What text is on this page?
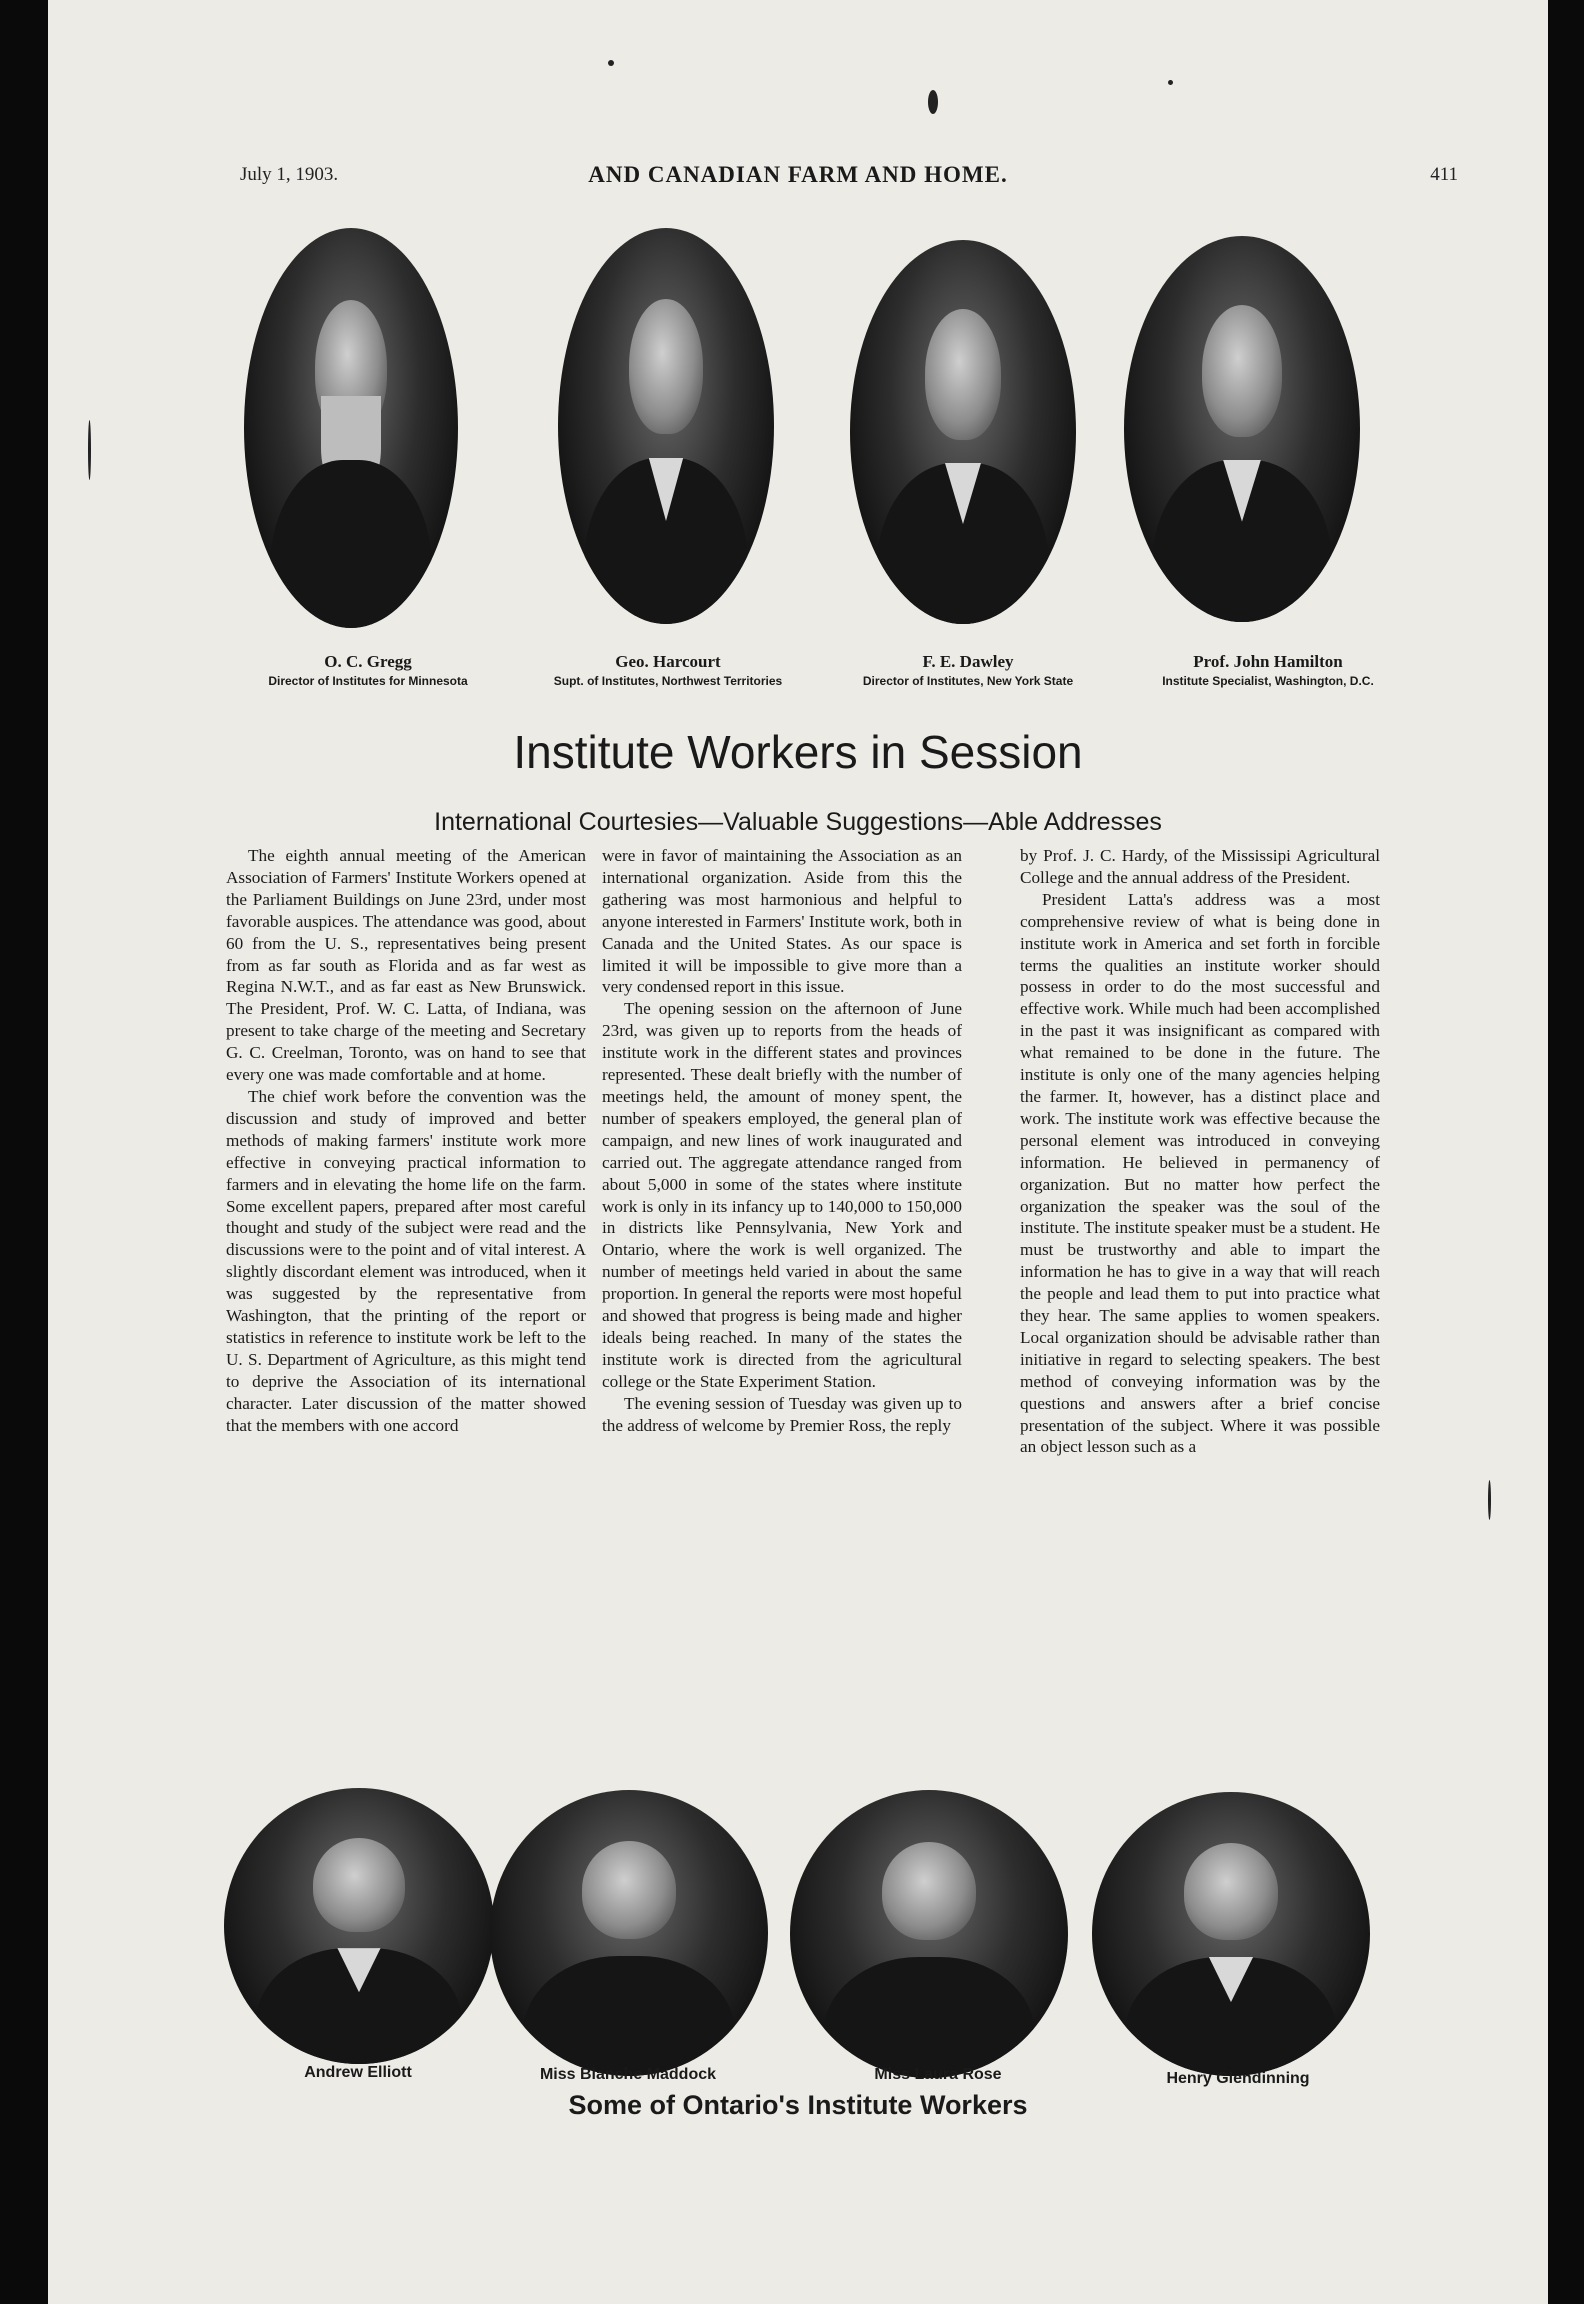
July 1, 1903.	AND CANADIAN FARM AND HOME.	411
O. C. Gregg
Director of Institutes for Minnesota
Geo. Harcourt
Supt. of Institutes, Northwest Territories
F. E. Dawley
Director of Institutes, New York State
Prof. John Hamilton
Institute Specialist, Washington, D.C.
Institute Workers in Session
International Courtesies—Valuable Suggestions—Able Addresses

The eighth annual meeting of the American Association of Farmers' Institute Workers opened at the Parliament Buildings on June 23rd, under most favorable auspices. The attendance was good, about 60 from the U. S., representatives being present from as far south as Florida and as far west as Regina N.W.T., and as far east as New Brunswick. The President, Prof. W. C. Latta, of Indiana, was present to take charge of the meeting and Secretary G. C. Creelman, Toronto, was on hand to see that every one was made comfortable and at home.

The chief work before the convention was the discussion and study of improved and better methods of making farmers' institute work more effective in conveying practical information to farmers and in elevating the home life on the farm. Some excellent papers, prepared after most careful thought and study of the subject were read and the discussions were to the point and of vital interest. A slightly discordant element was introduced, when it was suggested by the representative from Washington, that the printing of the report or statistics in reference to institute work be left to the U. S. Department of Agriculture, as this might tend to deprive the Association of its international character. Later discussion of the matter showed that the members with one accord

were in favor of maintaining the Association as an international organization. Aside from this the gathering was most harmonious and helpful to anyone interested in Farmers' Institute work, both in Canada and the United States. As our space is limited it will be impossible to give more than a very condensed report in this issue.

The opening session on the afternoon of June 23rd, was given up to reports from the heads of institute work in the different states and provinces represented. These dealt briefly with the number of meetings held, the amount of money spent, the number of speakers employed, the general plan of campaign, and new lines of work inaugurated and carried out. The aggregate attendance ranged from about 5,000 in some of the states where institute work is only in its infancy up to 140,000 to 150,000 in districts like Pennsylvania, New York and Ontario, where the work is well organized. The number of meetings held varied in about the same proportion. In general the reports were most hopeful and showed that progress is being made and higher ideals being reached. In many of the states the institute work is directed from the agricultural college or the State Experiment Station.

The evening session of Tuesday was given up to the address of welcome by Premier Ross, the reply

by Prof. J. C. Hardy, of the Mississipi Agricultural College and the annual address of the President.

President Latta's address was a most comprehensive review of what is being done in institute work in America and set forth in forcible terms the qualities an institute worker should possess in order to do the most successful and effective work. While much had been accomplished in the past it was insignificant as compared with what remained to be done in the future. The institute is only one of the many agencies helping the farmer. It, however, has a distinct place and work. The institute work was effective because the personal element was introduced in conveying information. He believed in permanency of organization. But no matter how perfect the organization the speaker was the soul of the institute. The institute speaker must be a student. He must be trustworthy and able to impart the information he has to give in a way that will reach the people and lead them to put into practice what they hear. The same applies to women speakers. Local organization should be advisable rather than initiative in regard to selecting speakers. The best method of conveying information was by the questions and answers after a brief concise presentation of the subject. Where it was possible an object lesson such as a

Andrew Elliott	Miss Blanche Maddock	Miss Laura Rose	Henry Glendinning
Some of Ontario's Institute Workers
